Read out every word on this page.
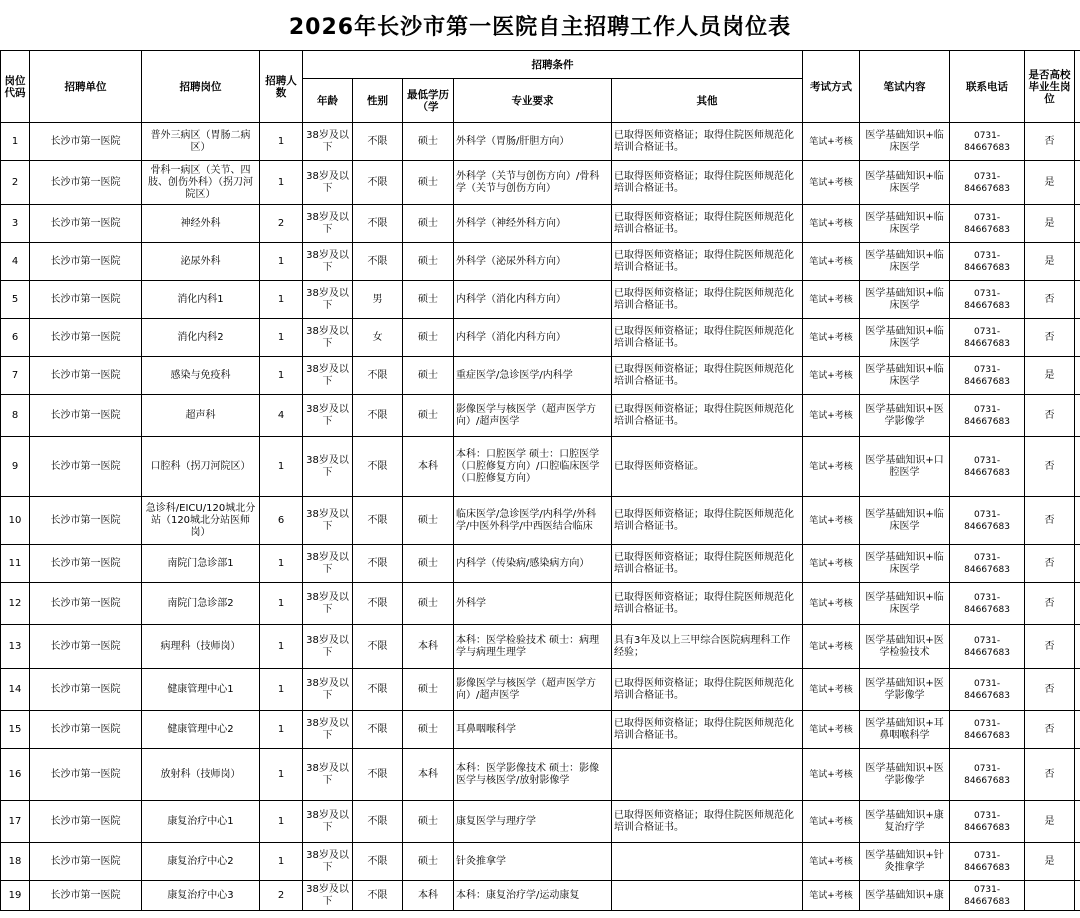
2026年长沙市第一医院自主招聘工作人员岗位表
岗位代码	招聘单位	招聘岗位	招聘人数	招聘条件					考试方式	笔试内容	联系电话	是否高校毕业生岗位	
				年龄	性别	最低学历（学	专业要求	其他					
1	长沙市第一医院	普外三病区（胃肠二病区）	1	38岁及以下	不限	硕士	外科学（胃肠/肝胆方向）	已取得医师资格证；取得住院医师规范化培训合格证书。	笔试+考核	医学基础知识+临床医学	0731-84667683	否	
2	长沙市第一医院	骨科一病区（关节、四肢、创伤外科）（拐刀河院区）	1	38岁及以下	不限	硕士	外科学（关节与创伤方向）/骨科学（关节与创伤方向）	已取得医师资格证；取得住院医师规范化培训合格证书。	笔试+考核	医学基础知识+临床医学	0731-84667683	是	
3	长沙市第一医院	神经外科	2	38岁及以下	不限	硕士	外科学（神经外科方向）	已取得医师资格证；取得住院医师规范化培训合格证书。	笔试+考核	医学基础知识+临床医学	0731-84667683	是	
4	长沙市第一医院	泌尿外科	1	38岁及以下	不限	硕士	外科学（泌尿外科方向）	已取得医师资格证；取得住院医师规范化培训合格证书。	笔试+考核	医学基础知识+临床医学	0731-84667683	是	
5	长沙市第一医院	消化内科1	1	38岁及以下	男	硕士	内科学（消化内科方向）	已取得医师资格证；取得住院医师规范化培训合格证书。	笔试+考核	医学基础知识+临床医学	0731-84667683	否	
6	长沙市第一医院	消化内科2	1	38岁及以下	女	硕士	内科学（消化内科方向）	已取得医师资格证；取得住院医师规范化培训合格证书。	笔试+考核	医学基础知识+临床医学	0731-84667683	否	
7	长沙市第一医院	感染与免疫科	1	38岁及以下	不限	硕士	重症医学/急诊医学/内科学	已取得医师资格证；取得住院医师规范化培训合格证书。	笔试+考核	医学基础知识+临床医学	0731-84667683	是	
8	长沙市第一医院	超声科	4	38岁及以下	不限	硕士	影像医学与核医学（超声医学方向）/超声医学	已取得医师资格证；取得住院医师规范化培训合格证书。	笔试+考核	医学基础知识+医学影像学	0731-84667683	否	
9	长沙市第一医院	口腔科（拐刀河院区）	1	38岁及以下	不限	本科	本科：口腔医学 硕士：口腔医学（口腔修复方向）/口腔临床医学（口腔修复方向）	已取得医师资格证。	笔试+考核	医学基础知识+口腔医学	0731-84667683	否	
10	长沙市第一医院	急诊科/EICU/120城北分站（120城北分站医师岗）	6	38岁及以下	不限	硕士	临床医学/急诊医学/内科学/外科学/中医外科学/中西医结合临床	已取得医师资格证；取得住院医师规范化培训合格证书。	笔试+考核	医学基础知识+临床医学	0731-84667683	否	
11	长沙市第一医院	南院门急诊部1	1	38岁及以下	不限	硕士	内科学（传染病/感染病方向）	已取得医师资格证；取得住院医师规范化培训合格证书。	笔试+考核	医学基础知识+临床医学	0731-84667683	否	
12	长沙市第一医院	南院门急诊部2	1	38岁及以下	不限	硕士	外科学	已取得医师资格证；取得住院医师规范化培训合格证书。	笔试+考核	医学基础知识+临床医学	0731-84667683	否	
13	长沙市第一医院	病理科（技师岗）	1	38岁及以下	不限	本科	本科：医学检验技术 硕士：病理学与病理生理学	具有3年及以上三甲综合医院病理科工作经验；	笔试+考核	医学基础知识+医学检验技术	0731-84667683	否	
14	长沙市第一医院	健康管理中心1	1	38岁及以下	不限	硕士	影像医学与核医学（超声医学方向）/超声医学	已取得医师资格证；取得住院医师规范化培训合格证书。	笔试+考核	医学基础知识+医学影像学	0731-84667683	否	
15	长沙市第一医院	健康管理中心2	1	38岁及以下	不限	硕士	耳鼻咽喉科学	已取得医师资格证；取得住院医师规范化培训合格证书。	笔试+考核	医学基础知识+耳鼻咽喉科学	0731-84667683	否	
16	长沙市第一医院	放射科（技师岗）	1	38岁及以下	不限	本科	本科：医学影像技术 硕士：影像医学与核医学/放射影像学		笔试+考核	医学基础知识+医学影像学	0731-84667683	否	
17	长沙市第一医院	康复治疗中心1	1	38岁及以下	不限	硕士	康复医学与理疗学	已取得医师资格证；取得住院医师规范化培训合格证书。	笔试+考核	医学基础知识+康复治疗学	0731-84667683	是	
18	长沙市第一医院	康复治疗中心2	1	38岁及以下	不限	硕士	针灸推拿学		笔试+考核	医学基础知识+针灸推拿学	0731-84667683	是	
19	长沙市第一医院	康复治疗中心3	2	38岁及以下	不限	本科	本科：康复治疗学/运动康复		笔试+考核	医学基础知识+康	0731-84667683		
